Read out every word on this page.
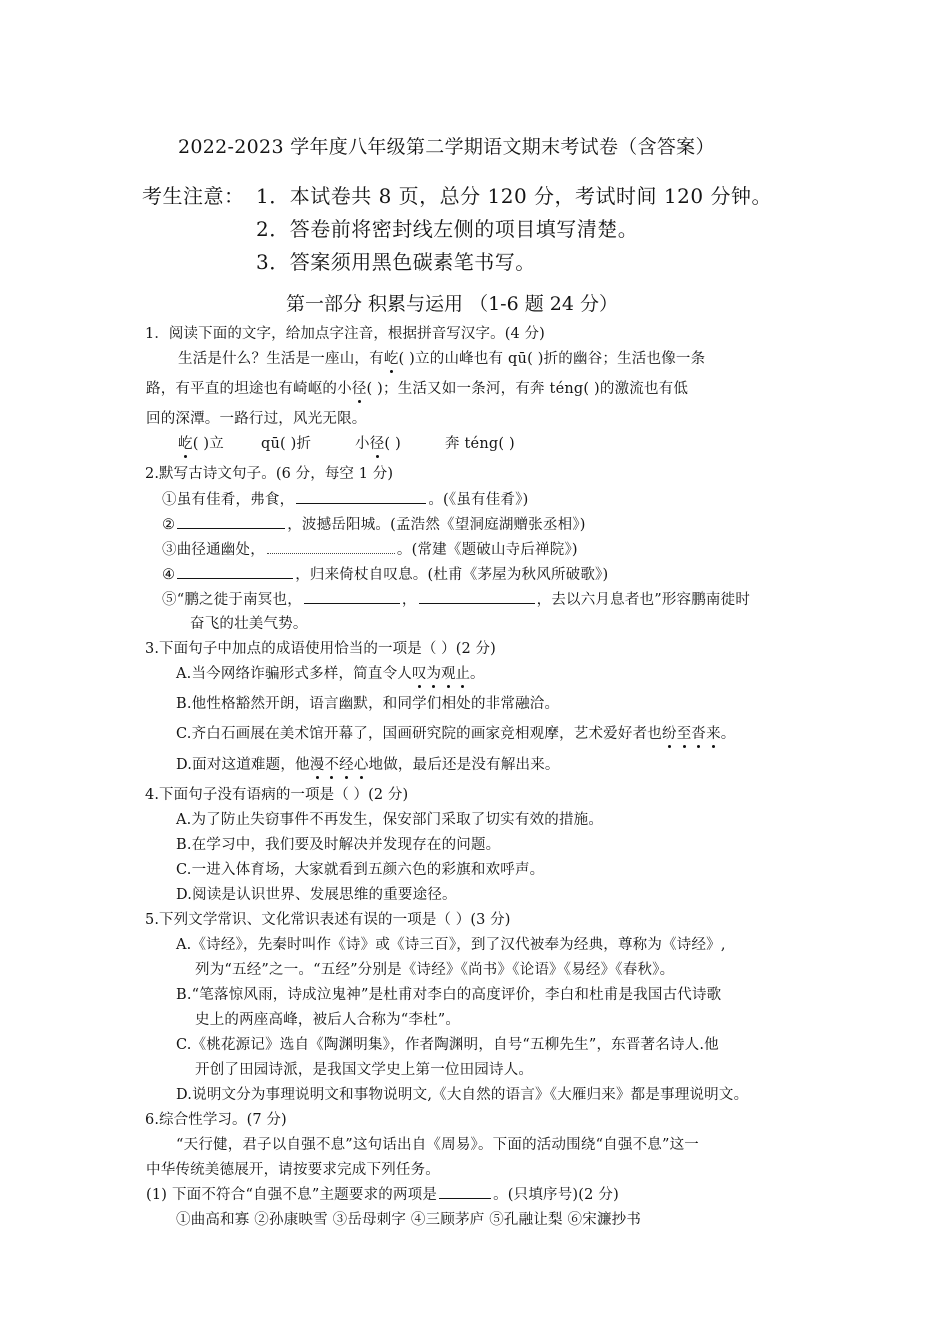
2022-2023 学年度八年级第二学期语文期末考试卷（含答案）
考生注意： 1．本试卷共 8 页，总分 120 分，考试时间 120 分钟。
2．答卷前将密封线左侧的项目填写清楚。
3．答案须用黑色碳素笔书写。
第一部分 积累与运用 （1-6 题 24 分）
1．阅读下面的文字，给加点字注音，根据拼音写汉字。(4 分)
生活是什么？生活是一座山，有屹( )立的山峰也有 qū( )折的幽谷；生活也像一条
路，有平直的坦途也有崎岖的小径( )；生活又如一条河，有奔 téng( )的激流也有低
回的深潭。一路行过，风光无限。
屹( )立	qū( )折	小径( )	奔 téng( )
2.默写古诗文句子。(6 分，每空 1 分)
①虽有佳肴，弗食，	。(《虽有佳肴》)
②	，波撼岳阳城。(孟浩然《望洞庭湖赠张丞相》)
③曲径通幽处，	。(常建《题破山寺后禅院》)
④	，归来倚杖自叹息。(杜甫《茅屋为秋风所破歌》)
⑤“鹏之徙于南冥也，	，	，去以六月息者也”形容鹏南徙时
奋飞的壮美气势。
3.下面句子中加点的成语使用恰当的一项是（ ）(2 分)
A.当今网络诈骗形式多样，简直令人叹为观止。
B.他性格豁然开朗，语言幽默，和同学们相处的非常融洽。
C.齐白石画展在美术馆开幕了，国画研究院的画家竞相观摩，艺术爱好者也纷至沓来。
D.面对这道难题，他漫不经心地做，最后还是没有解出来。
4.下面句子没有语病的一项是（ ）(2 分)
A.为了防止失窃事件不再发生，保安部门采取了切实有效的措施。
B.在学习中，我们要及时解决并发现存在的问题。
C.一进入体育场，大家就看到五颜六色的彩旗和欢呼声。
D.阅读是认识世界、发展思维的重要途径。
5.下列文学常识、文化常识表述有误的一项是（ ）(3 分)
A.《诗经》，先秦时叫作《诗》或《诗三百》，到了汉代被奉为经典，尊称为《诗经》,
列为“五经”之一。“五经”分别是《诗经》《尚书》《论语》《易经》《春秋》。
B.“笔落惊风雨，诗成泣鬼神”是杜甫对李白的高度评价，李白和杜甫是我国古代诗歌
史上的两座高峰，被后人合称为“李杜”。
C.《桃花源记》选自《陶渊明集》，作者陶渊明，自号“五柳先生”，东晋著名诗人.他
开创了田园诗派，是我国文学史上第一位田园诗人。
D.说明文分为事理说明文和事物说明文,《大自然的语言》《大雁归来》都是事理说明文。
6.综合性学习。(7 分)
“天行健，君子以自强不息”这句话出自《周易》。下面的活动围绕“自强不息”这一
中华传统美德展开，请按要求完成下列任务。
(1) 下面不符合“自强不息”主题要求的两项是	。(只填序号)(2 分)
①曲高和寡 ②孙康映雪 ③岳母刺字 ④三顾茅庐 ⑤孔融让梨 ⑥宋濂抄书
